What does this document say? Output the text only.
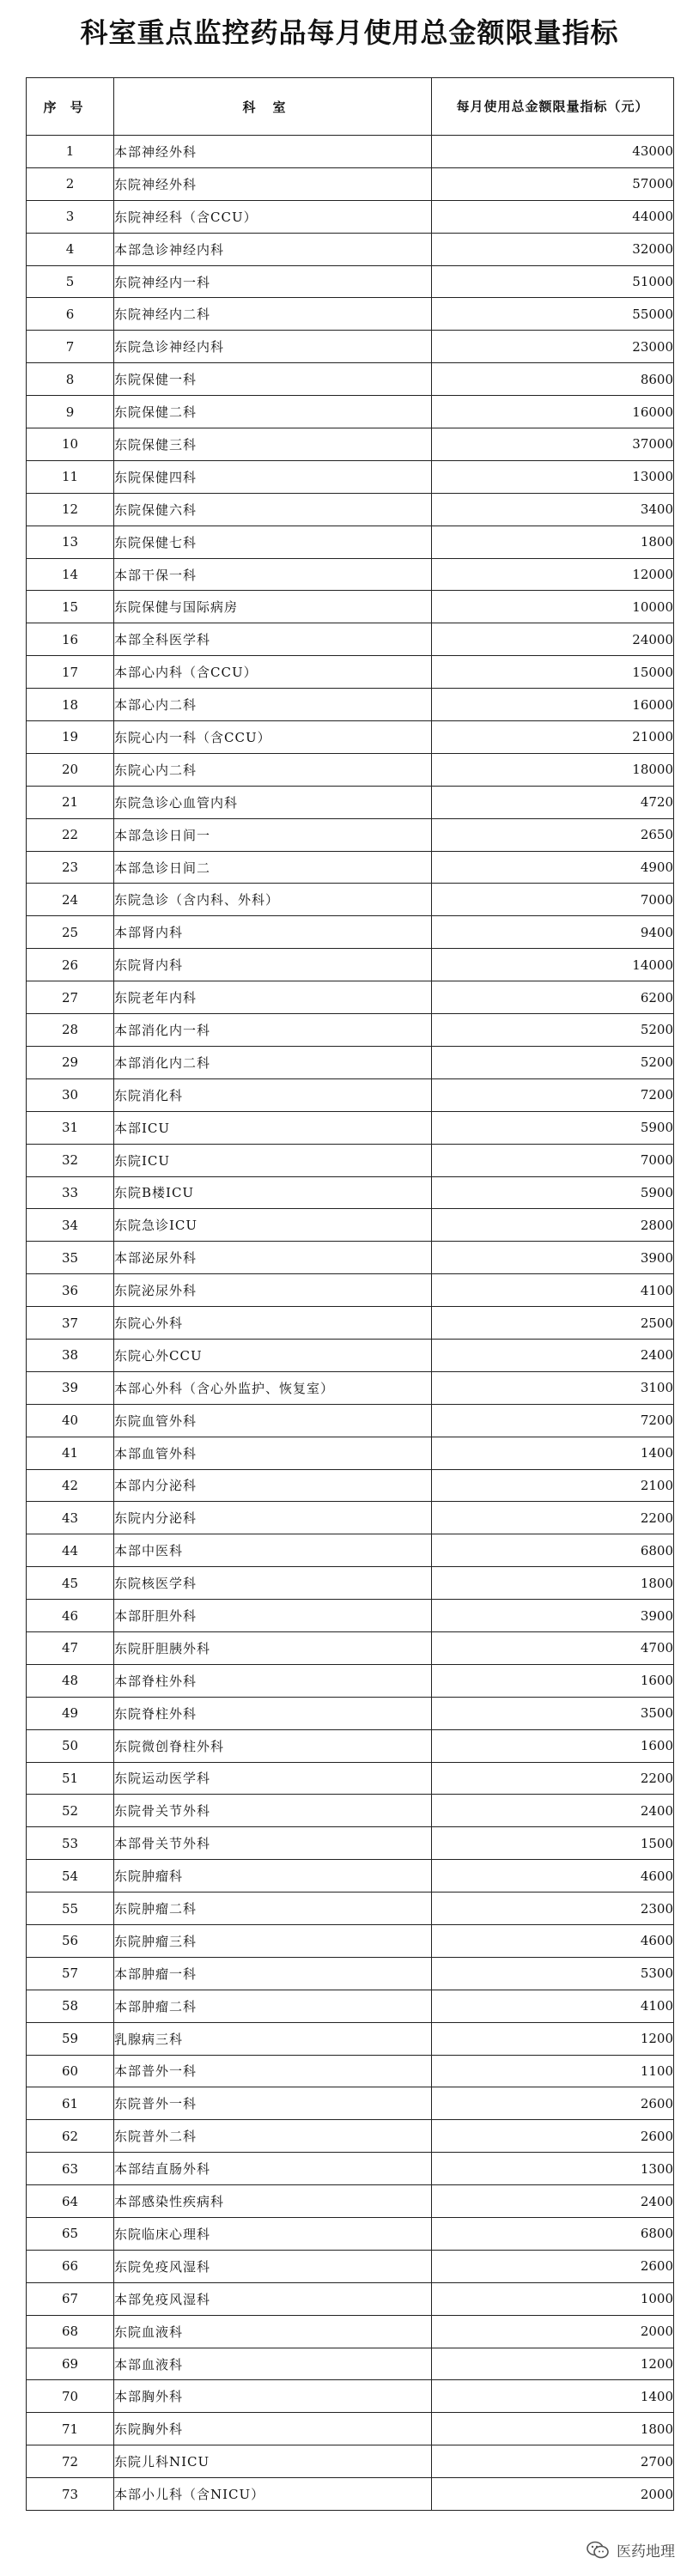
科室重点监控药品每月使用总金额限量指标
序号	科室	每月使用总金额限量指标（元）
1	本部神经外科	43000
2	东院神经外科	57000
3	东院神经科（含CCU）	44000
4	本部急诊神经内科	32000
5	东院神经内一科	51000
6	东院神经内二科	55000
7	东院急诊神经内科	23000
8	东院保健一科	8600
9	东院保健二科	16000
10	东院保健三科	37000
11	东院保健四科	13000
12	东院保健六科	3400
13	东院保健七科	1800
14	本部干保一科	12000
15	东院保健与国际病房	10000
16	本部全科医学科	24000
17	本部心内科（含CCU）	15000
18	本部心内二科	16000
19	东院心内一科（含CCU）	21000
20	东院心内二科	18000
21	东院急诊心血管内科	4720
22	本部急诊日间一	2650
23	本部急诊日间二	4900
24	东院急诊（含内科、外科）	7000
25	本部肾内科	9400
26	东院肾内科	14000
27	东院老年内科	6200
28	本部消化内一科	5200
29	本部消化内二科	5200
30	东院消化科	7200
31	本部ICU	5900
32	东院ICU	7000
33	东院B楼ICU	5900
34	东院急诊ICU	2800
35	本部泌尿外科	3900
36	东院泌尿外科	4100
37	东院心外科	2500
38	东院心外CCU	2400
39	本部心外科（含心外监护、恢复室）	3100
40	东院血管外科	7200
41	本部血管外科	1400
42	本部内分泌科	2100
43	东院内分泌科	2200
44	本部中医科	6800
45	东院核医学科	1800
46	本部肝胆外科	3900
47	东院肝胆胰外科	4700
48	本部脊柱外科	1600
49	东院脊柱外科	3500
50	东院微创脊柱外科	1600
51	东院运动医学科	2200
52	东院骨关节外科	2400
53	本部骨关节外科	1500
54	东院肿瘤科	4600
55	东院肿瘤二科	2300
56	东院肿瘤三科	4600
57	本部肿瘤一科	5300
58	本部肿瘤二科	4100
59	乳腺病三科	1200
60	本部普外一科	1100
61	东院普外一科	2600
62	东院普外二科	2600
63	本部结直肠外科	1300
64	本部感染性疾病科	2400
65	东院临床心理科	6800
66	东院免疫风湿科	2600
67	本部免疫风湿科	1000
68	东院血液科	2000
69	本部血液科	1200
70	本部胸外科	1400
71	东院胸外科	1800
72	东院儿科NICU	2700
73	本部小儿科（含NICU）	2000
医药地理
